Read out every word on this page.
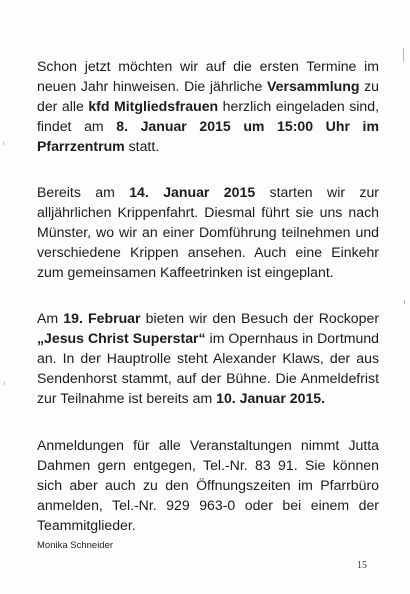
Schon jetzt möchten wir auf die ersten Termine im neuen Jahr hinweisen. Die jährliche Versammlung zu der alle kfd Mitgliedsfrauen herzlich eingeladen sind, findet am 8. Januar 2015 um 15:00 Uhr im Pfarrzentrum statt.

Bereits am 14. Januar 2015 starten wir zur alljährlichen Krippenfahrt. Diesmal führt sie uns nach Münster, wo wir an einer Domführung teilnehmen und verschiedene Krippen ansehen. Auch eine Einkehr zum gemeinsamen Kaffeetrinken ist eingeplant.

Am 19. Februar bieten wir den Besuch der Rockoper „Jesus Christ Superstar“ im Opernhaus in Dortmund an. In der Hauptrolle steht Alexander Klaws, der aus Sendenhorst stammt, auf der Bühne. Die Anmeldefrist zur Teilnahme ist bereits am 10. Januar 2015.

Anmeldungen für alle Veranstaltungen nimmt Jutta Dahmen gern entgegen, Tel.-Nr. 83 91. Sie können sich aber auch zu den Öffnungszeiten im Pfarrbüro anmelden, Tel.-Nr. 929 963-0 oder bei einem der Teammitglieder.

Monika Schneider
15
